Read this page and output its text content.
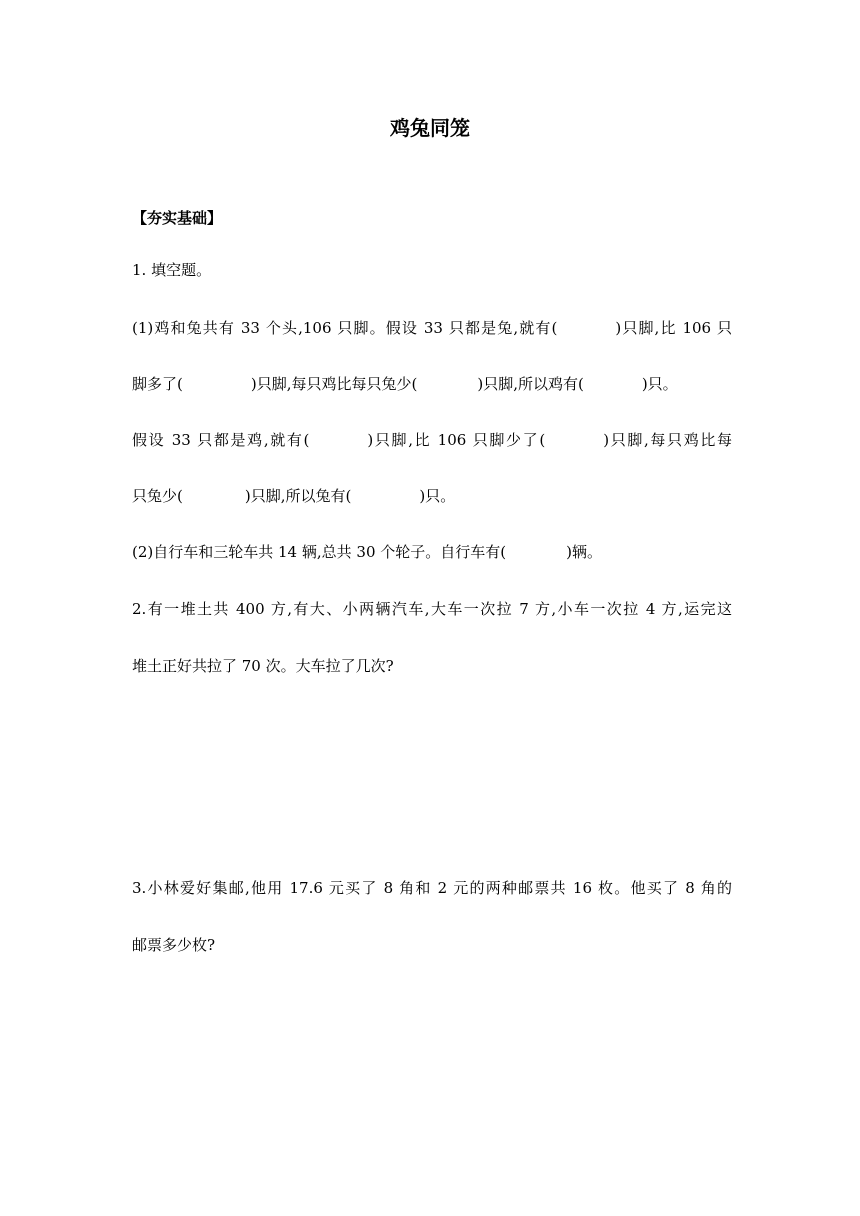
鸡兔同笼
【夯实基础】
1. 填空题。
(1)鸡和兔共有 33 个头,106 只脚。假设 33 只都是兔,就有(	)只脚,比 106 只
脚多了(	)只脚,每只鸡比每只兔少(	)只脚,所以鸡有(	)只。
假设 33 只都是鸡,就有(	)只脚,比 106 只脚少了(	)只脚,每只鸡比每
只兔少(	)只脚,所以兔有(	)只。
(2)自行车和三轮车共 14 辆,总共 30 个轮子。自行车有(	)辆。
2.有一堆土共 400 方,有大、小两辆汽车,大车一次拉 7 方,小车一次拉 4 方,运完这
堆土正好共拉了 70 次。大车拉了几次?
3.小林爱好集邮,他用 17.6 元买了 8 角和 2 元的两种邮票共 16 枚。他买了 8 角的
邮票多少枚?
